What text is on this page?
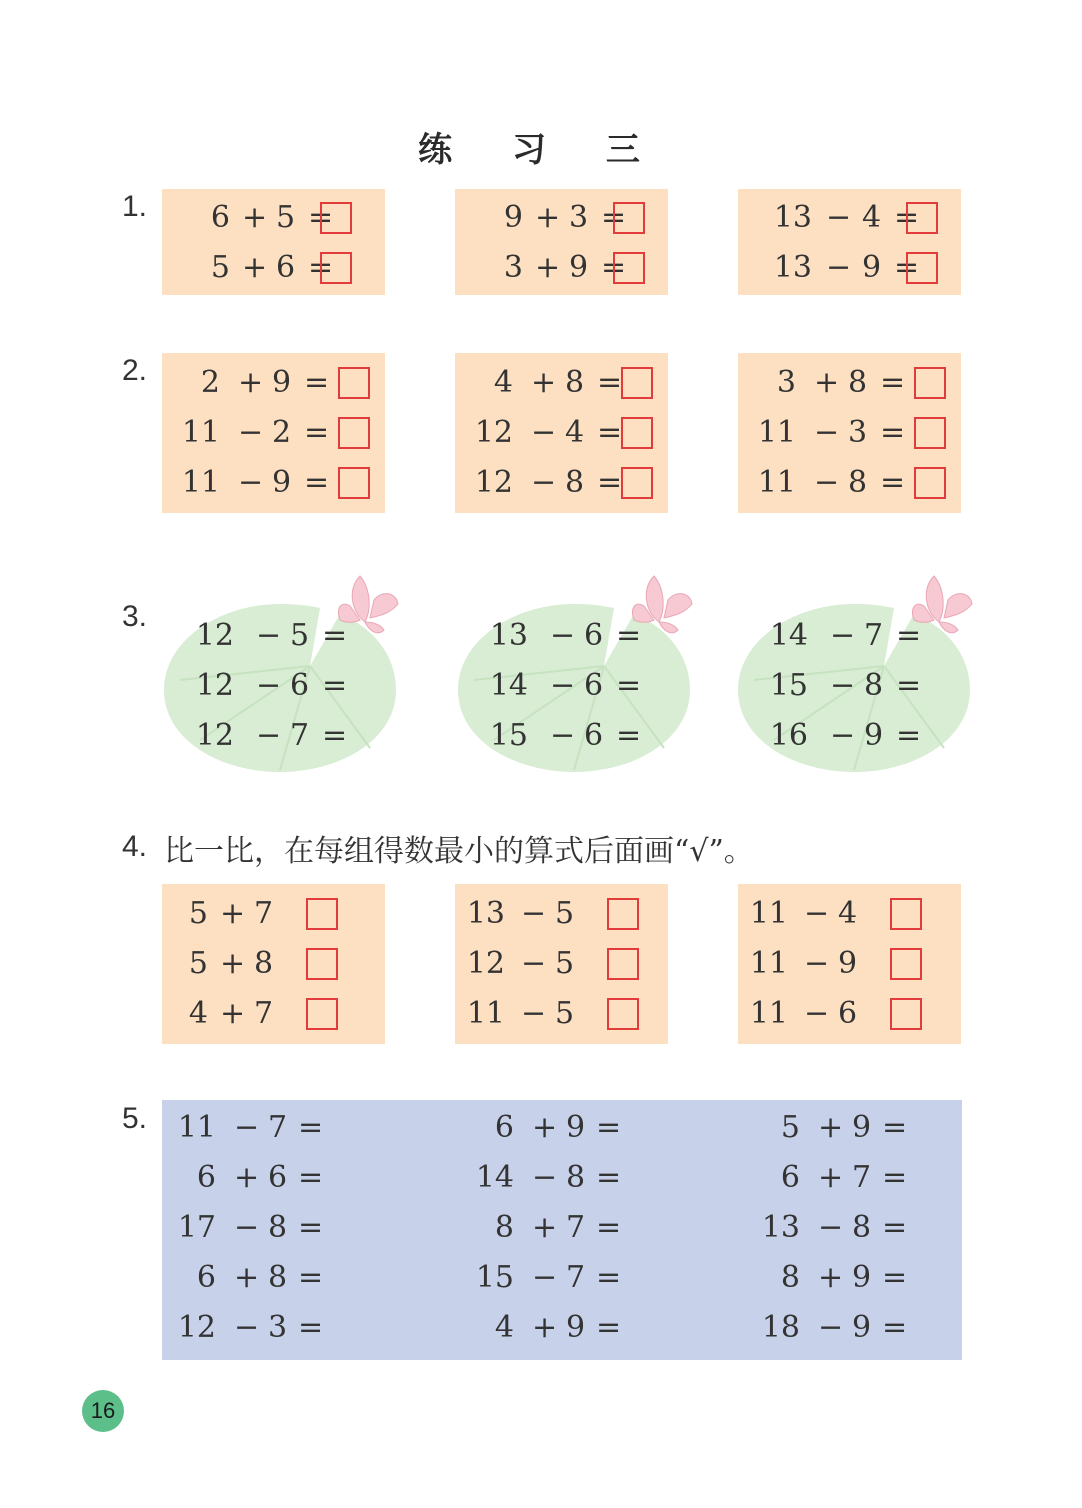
练 习 三
1. 6 + 5 =
5 + 6 =
9 + 3 =
3 + 9 =
13 − 4 =
13 − 9 =
2. 2 + 9 =
11 − 2 =
11 − 9 =
4 + 8 =
12 − 4 =
12 − 8 =
3 + 8 =
11 − 3 =
11 − 8 =
3.
12 − 5 =
12 − 6 =
12 − 7 =
13 − 6 =
14 − 6 =
15 − 6 =
14 − 7 =
15 − 8 =
16 − 9 =
4. 比一比，在每组得数最小的算式后面画“√”。
5 + 7
5 + 8
4 + 7
13 − 5
12 − 5
11 − 5
11 − 4
11 − 9
11 − 6
5. 11 − 7 =
6 + 6 =
17 − 8 =
6 + 8 =
12 − 3 =
6 + 9 =
14 − 8 =
8 + 7 =
15 − 7 =
4 + 9 =
5 + 9 =
6 + 7 =
13 − 8 =
8 + 9 =
18 − 9 =
16
